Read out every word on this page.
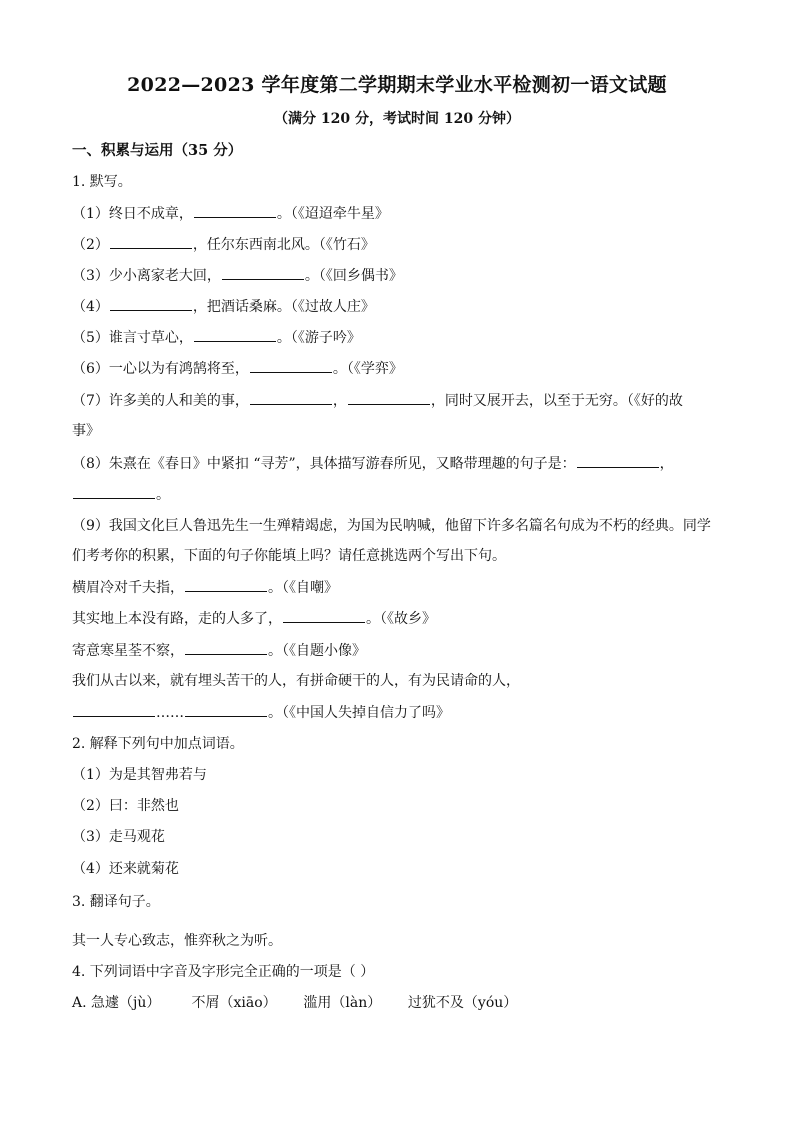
2022—2023 学年度第二学期期末学业水平检测初一语文试题
（满分 120 分，考试时间 120 分钟）
一、积累与运用（35 分）
1. 默写。
（1）终日不成章，	。（《迢迢牵牛星》
（2）	，任尔东西南北风。（《竹石》
（3）少小离家老大回，	。（《回乡偶书》
（4）	，把酒话桑麻。（《过故人庄》
（5）谁言寸草心，	。（《游子吟》
（6）一心以为有鸿鹄将至，	。（《学弈》
（7）许多美的人和美的事，	，	，同时又展开去，以至于无穷。（《好的故
事》
（8）朱熹在《春日》中紧扣 “寻芳”，具体描写游春所见，又略带理趣的句子是：	，
。
（9）我国文化巨人鲁迅先生一生殚精竭虑，为国为民呐喊，他留下许多名篇名句成为不朽的经典。同学
们考考你的积累，下面的句子你能填上吗？请任意挑选两个写出下句。
横眉冷对千夫指，	。（《自嘲》
其实地上本没有路，走的人多了，	。（《故乡》
寄意寒星荃不察，	。（《自题小像》
我们从古以来，就有埋头苦干的人，有拼命硬干的人，有为民请命的人，
……	。（《中国人失掉自信力了吗》
2. 解释下列句中加点词语。
（1）为是其智弗若与
（2）曰：非然也
（3）走马观花
（4）还来就菊花
3. 翻译句子。
其一人专心致志，惟弈秋之为听。
4. 下列词语中字音及字形完全正确的一项是（ ）
A. 急遽（jù）       不屑（xiāo）      滥用（làn）      过犹不及（yóu）
